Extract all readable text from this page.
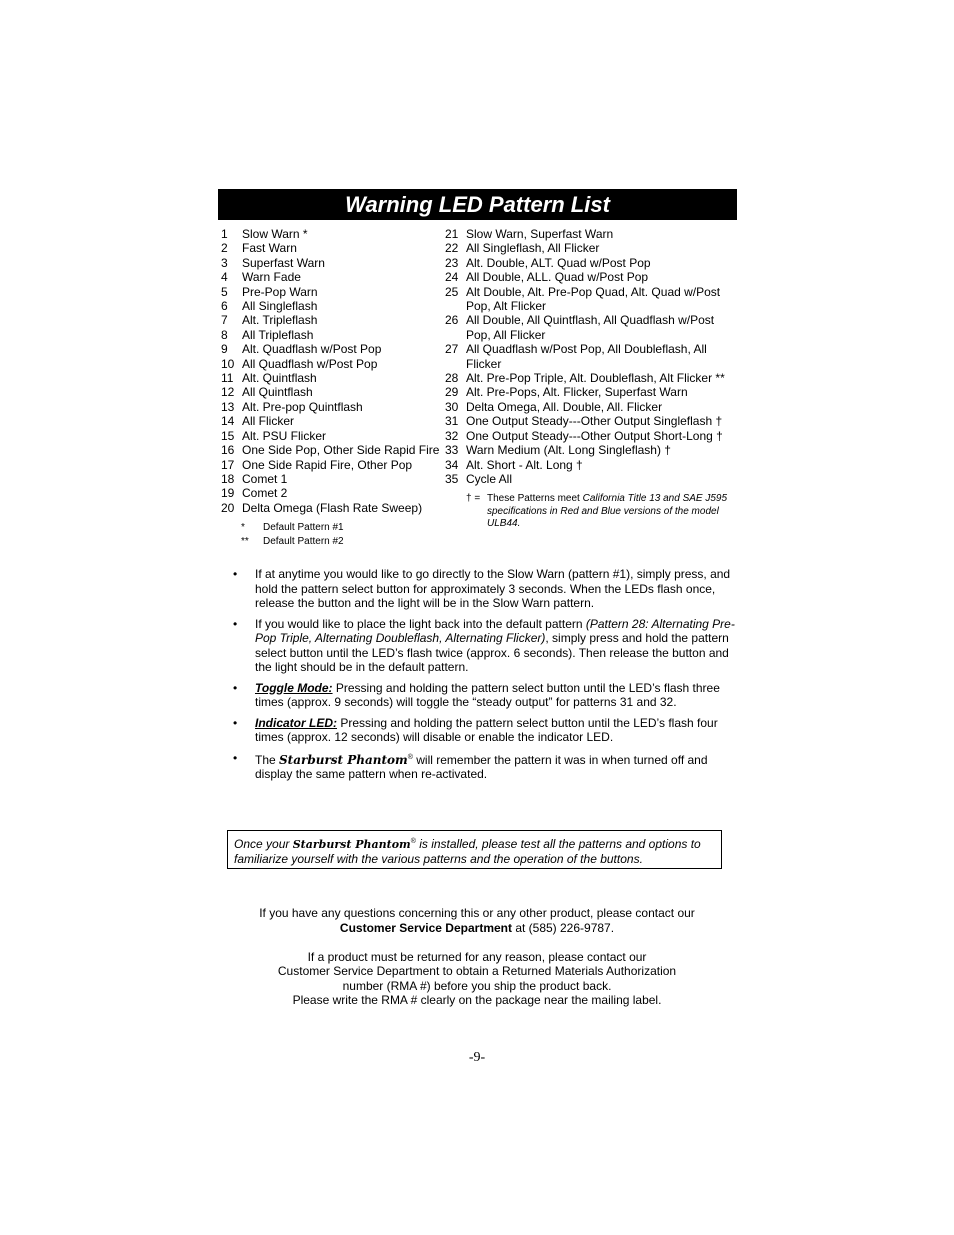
Warning LED Pattern List
1	Slow Warn *
2	Fast Warn
3	Superfast Warn
4	Warn Fade
5	Pre-Pop Warn
6	All Singleflash
7	Alt. Tripleflash
8	All Tripleflash
9	Alt. Quadflash w/Post Pop
10 All Quadflash w/Post Pop
11 Alt. Quintflash
12 All Quintflash
13 Alt. Pre-pop Quintflash
14 All Flicker
15 Alt. PSU Flicker
16 One Side Pop, Other Side Rapid Fire
17 One Side Rapid Fire, Other Pop
18 Comet 1
19 Comet 2
20 Delta Omega (Flash Rate Sweep)
21 Slow Warn, Superfast Warn
22 All Singleflash, All Flicker
23 Alt. Double, ALT. Quad w/Post Pop
24 All Double, ALL. Quad w/Post Pop
25 Alt Double, Alt. Pre-Pop Quad, Alt. Quad w/Post Pop, Alt Flicker
26 All Double, All Quintflash, All Quadflash w/Post Pop, All Flicker
27 All Quadflash w/Post Pop, All Doubleflash, All Flicker
28 Alt. Pre-Pop Triple, Alt. Doubleflash, Alt Flicker **
29 Alt. Pre-Pops, Alt. Flicker, Superfast Warn
30 Delta Omega, All. Double, All. Flicker
31 One Output Steady---Other Output Singleflash †
32 One Output Steady---Other Output Short-Long †
33 Warn Medium (Alt. Long Singleflash) †
34 Alt. Short - Alt. Long †
35 Cycle All
*	Default Pattern #1
**	Default Pattern #2
† = These Patterns meet California Title 13 and SAE J595 specifications in Red and Blue versions of the model ULB44.
•	If at anytime you would like to go directly to the Slow Warn (pattern #1), simply press, and hold the pattern select button for approximately 3 seconds. When the LEDs flash once, release the button and the light will be in the Slow Warn pattern.
•	If you would like to place the light back into the default pattern (Pattern 28: Alternating Pre-Pop Triple, Alternating Doubleflash, Alternating Flicker), simply press and hold the pattern select button until the LED’s flash twice (approx. 6 seconds). Then release the button and the light should be in the default pattern.
•	Toggle Mode: Pressing and holding the pattern select button until the LED’s flash three times (approx. 9 seconds) will toggle the “steady output” for patterns 31 and 32.
•	Indicator LED: Pressing and holding the pattern select button until the LED’s flash four times (approx. 12 seconds) will disable or enable the indicator LED.
•	The Starburst Phantom® will remember the pattern it was in when turned off and display the same pattern when re-activated.
Once your Starburst Phantom® is installed, please test all the patterns and options to familiarize yourself with the various patterns and the operation of the buttons.
If you have any questions concerning this or any other product, please contact our
Customer Service Department at (585) 226-9787.
If a product must be returned for any reason, please contact our
Customer Service Department to obtain a Returned Materials Authorization
number (RMA #) before you ship the product back.
Please write the RMA # clearly on the package near the mailing label.
-9-
